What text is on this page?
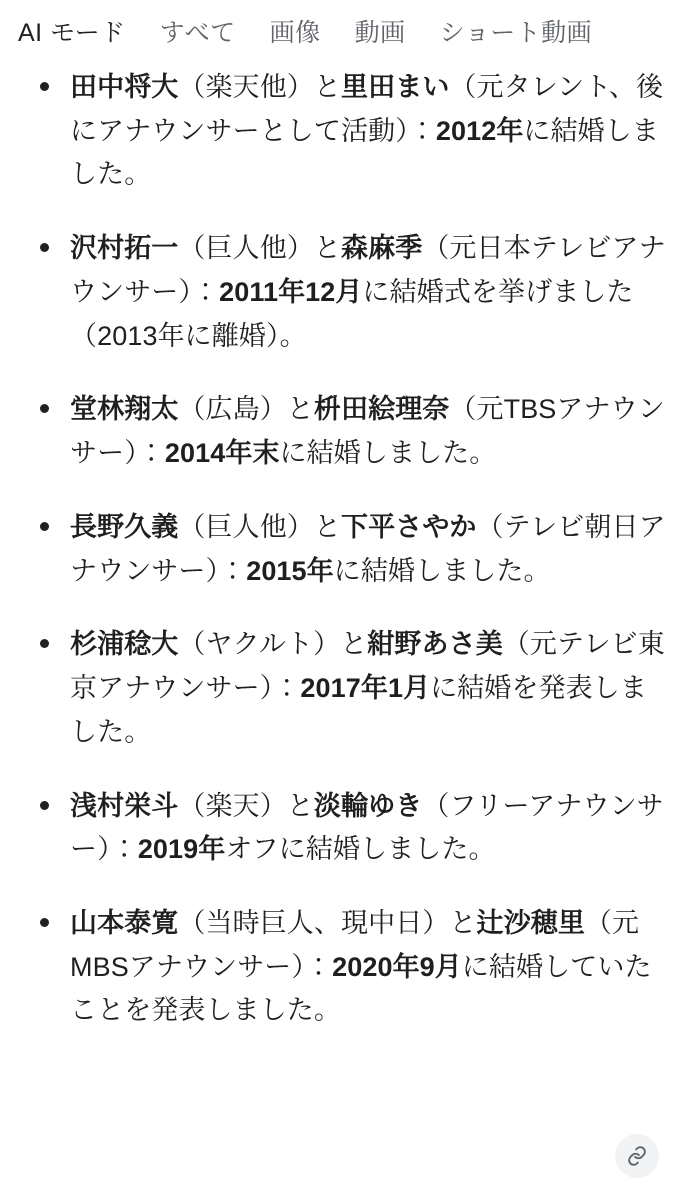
AI モード すべて 画像 動画 ショート動画
田中将大（楽天他）と里田まい（元タレント、後にアナウンサーとして活動）：2012年に結婚しました。
沢村拓一（巨人他）と森麻季（元日本テレビアナウンサー）：2011年12月に結婚式を挙げました（2013年に離婚）。
堂林翔太（広島）と枡田絵理奈（元TBSアナウンサー）：2014年末に結婚しました。
長野久義（巨人他）と下平さやか（テレビ朝日アナウンサー）：2015年に結婚しました。
杉浦稔大（ヤクルト）と紺野あさ美（元テレビ東京アナウンサー）：2017年1月に結婚を発表しました。
浅村栄斗（楽天）と淡輪ゆき（フリーアナウンサー）：2019年オフに結婚しました。
山本泰寛（当時巨人、現中日）と辻沙穂里（元MBSアナウンサー）：2020年9月に結婚していたことを発表しました。
